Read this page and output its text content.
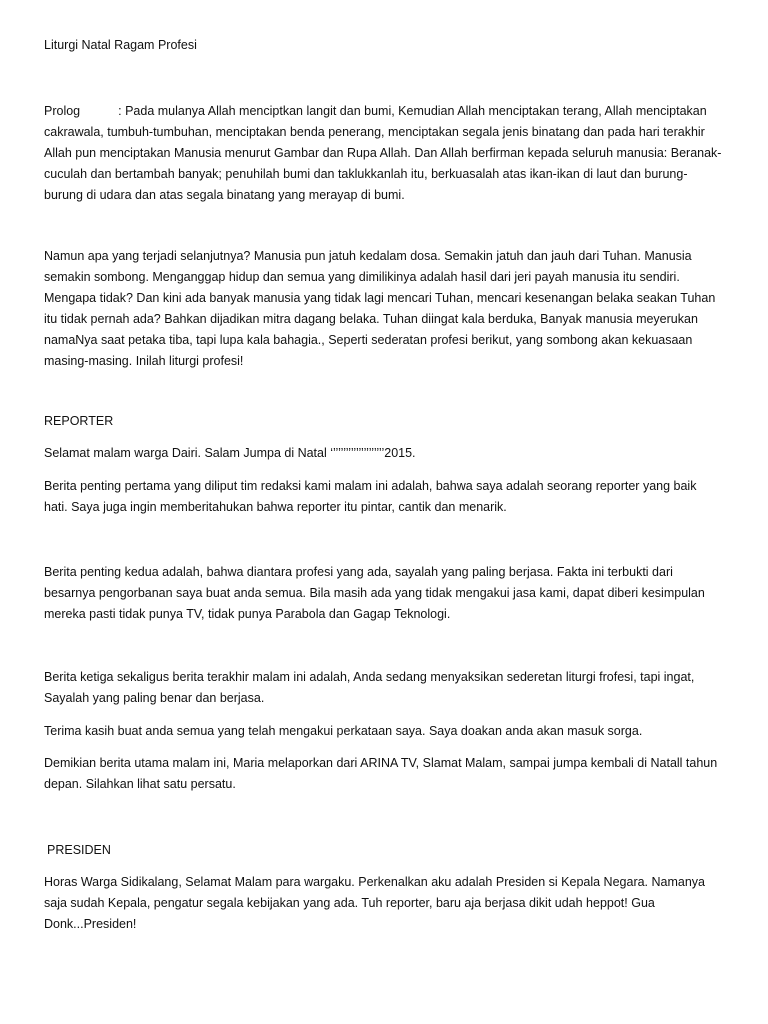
Liturgi Natal Ragam Profesi

Prolog	: Pada mulanya Allah menciptkan langit dan bumi, Kemudian Allah menciptakan terang, Allah menciptakan cakrawala, tumbuh-tumbuhan, menciptakan benda penerang, menciptakan segala jenis binatang dan pada hari terakhir Allah pun menciptakan Manusia menurut Gambar dan Rupa Allah. Dan Allah berfirman kepada seluruh manusia: Beranak-cuculah dan bertambah banyak; penuhilah bumi dan taklukkanlah itu, berkuasalah atas ikan-ikan di laut dan burung-burung di udara dan atas segala binatang yang merayap di bumi.

Namun apa yang terjadi selanjutnya? Manusia pun jatuh kedalam dosa. Semakin jatuh dan jauh dari Tuhan. Manusia semakin sombong. Menganggap hidup dan semua yang dimilikinya adalah hasil dari jeri payah manusia itu sendiri. Mengapa tidak? Dan kini ada banyak manusia yang tidak lagi mencari Tuhan, mencari kesenangan belaka seakan Tuhan itu tidak pernah ada? Bahkan dijadikan mitra dagang belaka. Tuhan diingat kala berduka, Banyak manusia meyerukan namaNya saat petaka tiba, tapi lupa kala bahagia., Seperti sederatan profesi berikut, yang sombong akan kekuasaan masing-masing. Inilah liturgi profesi!

REPORTER

Selamat malam warga Dairi. Salam Jumpa di Natal ‘’’’’’’’’’’’’’’’’’’’’2015.

Berita penting pertama yang diliput tim redaksi kami malam ini adalah, bahwa saya adalah seorang reporter yang baik hati. Saya juga ingin memberitahukan bahwa reporter itu pintar, cantik dan menarik.

Berita penting kedua adalah, bahwa diantara profesi yang ada, sayalah yang paling berjasa. Fakta ini terbukti dari besarnya pengorbanan saya buat anda semua. Bila masih ada yang tidak mengakui jasa kami, dapat diberi kesimpulan mereka pasti tidak punya TV, tidak punya Parabola dan Gagap Teknologi.

Berita ketiga sekaligus berita terakhir malam ini adalah, Anda sedang menyaksikan sederetan liturgi frofesi, tapi ingat, Sayalah yang paling benar dan berjasa.

Terima kasih buat anda semua yang telah mengakui perkataan saya. Saya doakan anda akan masuk sorga.

Demikian berita utama malam ini, Maria melaporkan dari ARINA TV, Slamat Malam, sampai jumpa kembali di Natall tahun depan. Silahkan lihat satu persatu.

PRESIDEN

Horas Warga Sidikalang, Selamat Malam para wargaku. Perkenalkan aku adalah Presiden si Kepala Negara. Namanya saja sudah Kepala, pengatur segala kebijakan yang ada. Tuh reporter, baru aja berjasa dikit udah heppot! Gua Donk...Presiden!
